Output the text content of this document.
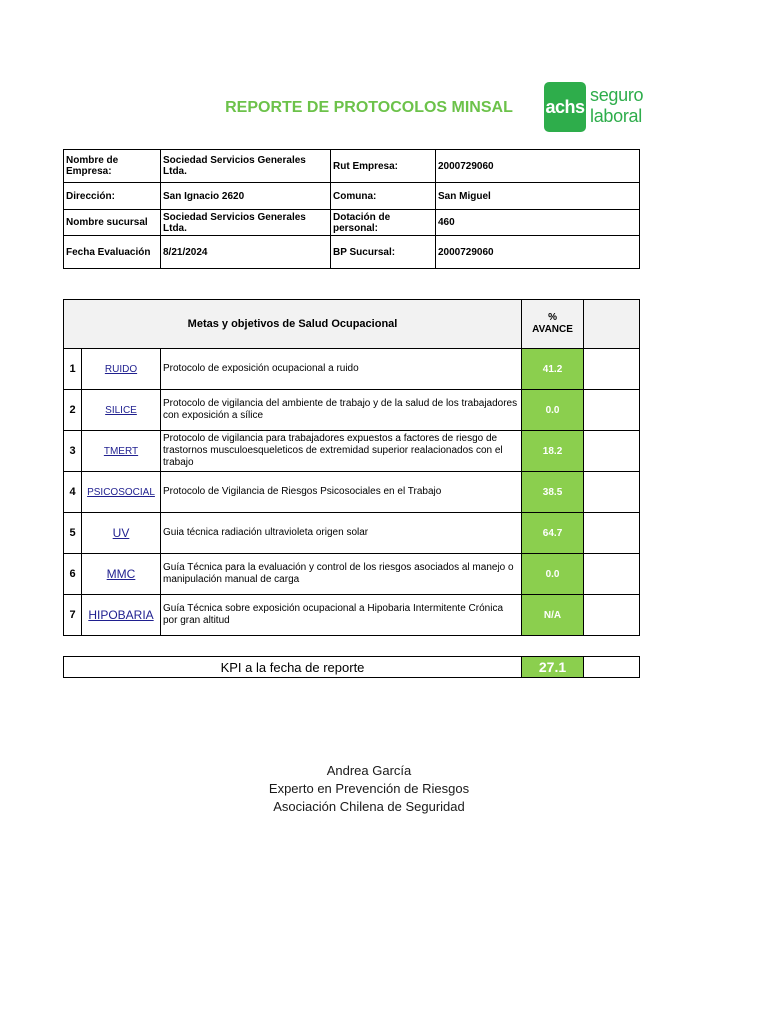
REPORTE DE PROTOCOLOS MINSAL	achs
seguro
laboral
Nombre de Empresa:	Sociedad Servicios Generales Ltda.	Rut Empresa:	2000729060
Dirección:	San Ignacio 2620	Comuna:	San Miguel
Nombre sucursal	Sociedad Servicios Generales Ltda.	Dotación de personal:	460
Fecha Evaluación	8/21/2024	BP Sucursal:	2000729060
Metas y objetivos de Salud Ocupacional			%
AVANCE	

1	RUIDO	Protocolo de exposición ocupacional a ruido	41.2	
2	SILICE	Protocolo de vigilancia del ambiente de trabajo y de la salud de los trabajadores con exposición a sílice	0.0	
3	TMERT	Protocolo de vigilancia para trabajadores expuestos a factores de riesgo de trastornos musculoesqueleticos de extremidad superior realacionados con el trabajo	18.2	
4	PSICOSOCIAL	Protocolo de Vigilancia de Riesgos Psicosociales en el Trabajo	38.5	
5	UV	Guia técnica radiación ultravioleta origen solar	64.7	
6	MMC	Guía Técnica para la evaluación y control de los riesgos asociados al manejo o manipulación manual de carga	0.0	
7	HIPOBARIA	Guía Técnica sobre exposición ocupacional a Hipobaria Intermitente Crónica por gran altitud	N/A	
KPI a la fecha de reporte	27.1	
Andrea García
Experto en Prevención de Riesgos
Asociación Chilena de Seguridad
